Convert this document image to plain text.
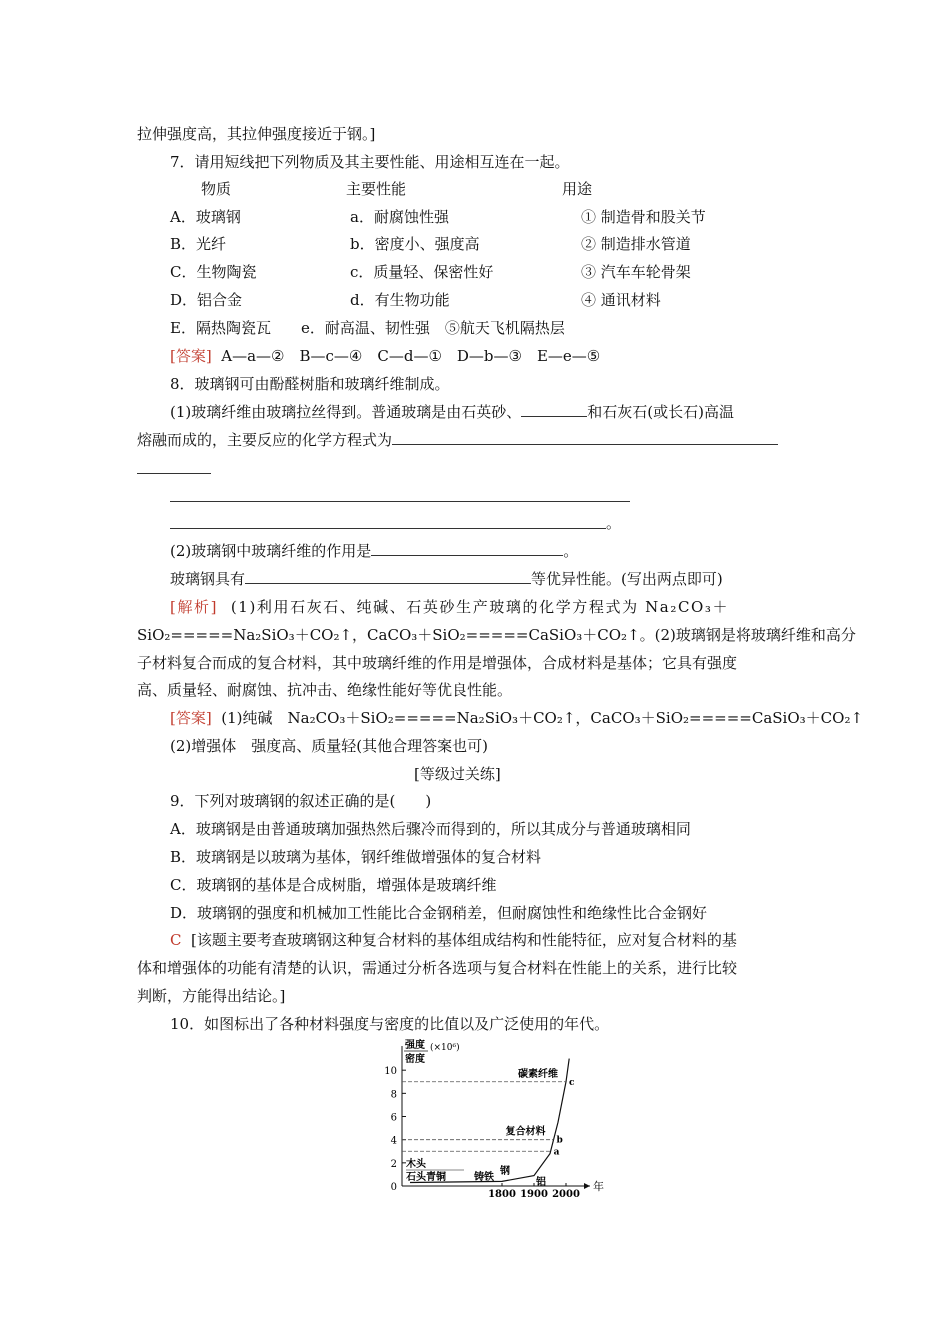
拉伸强度高，其拉伸强度接近于钢。]
7．请用短线把下列物质及其主要性能、用途相互连在一起。
物质	主要性能	用途
A．玻璃钢	a．耐腐蚀性强	① 制造骨和股关节
B．光纤	b．密度小、强度高	② 制造排水管道
C．生物陶瓷	c．质量轻、保密性好	③ 汽车车轮骨架
D．铝合金	d．有生物功能	④ 通讯材料
E．隔热陶瓷瓦　　e．耐高温、韧性强　⑤航天飞机隔热层
[答案] A—a—②　B—c—④　C—d—①　D—b—③　E—e—⑤
8．玻璃钢可由酚醛树脂和玻璃纤维制成。
(1)玻璃纤维由玻璃拉丝得到。普通玻璃是由石英砂、	和石灰石(或长石)高温
熔融而成的，主要反应的化学方程式为
。
(2)玻璃钢中玻璃纤维的作用是	。
玻璃钢具有	等优异性能。(写出两点即可)
[解析] (1)利用石灰石、纯碱、石英砂生产玻璃的化学方程式为 Na₂CO₃＋
SiO₂=====Na₂SiO₃＋CO₂↑，CaCO₃＋SiO₂=====CaSiO₃＋CO₂↑。(2)玻璃钢是将玻璃纤维和高分
子材料复合而成的复合材料，其中玻璃纤维的作用是增强体，合成材料是基体；它具有强度
高、质量轻、耐腐蚀、抗冲击、绝缘性能好等优良性能。
[答案] (1)纯碱　Na₂CO₃＋SiO₂=====Na₂SiO₃＋CO₂↑，CaCO₃＋SiO₂=====CaSiO₃＋CO₂↑
(2)增强体　强度高、质量轻(其他合理答案也可)
[等级过关练]
9．下列对玻璃钢的叙述正确的是(　　)
A．玻璃钢是由普通玻璃加强热然后骤冷而得到的，所以其成分与普通玻璃相同
B．玻璃钢是以玻璃为基体，钢纤维做增强体的复合材料
C．玻璃钢的基体是合成树脂，增强体是玻璃纤维
D．玻璃钢的强度和机械加工性能比合金钢稍差，但耐腐蚀性和绝缘性比合金钢好
C [该题主要考查玻璃钢这种复合材料的基体组成结构和性能特征，应对复合材料的基
体和增强体的功能有清楚的认识，需通过分析各选项与复合材料在性能上的关系，进行比较
判断，方能得出结论。]
10．如图标出了各种材料强度与密度的比值以及广泛使用的年代。
强度
密度
(×10⁶)
0
2
4
6
8
10
1800 1900 2000
年
c
碳素纤维
b
复合材料
a
木头
石头青铜	铸铁
钢
铝
